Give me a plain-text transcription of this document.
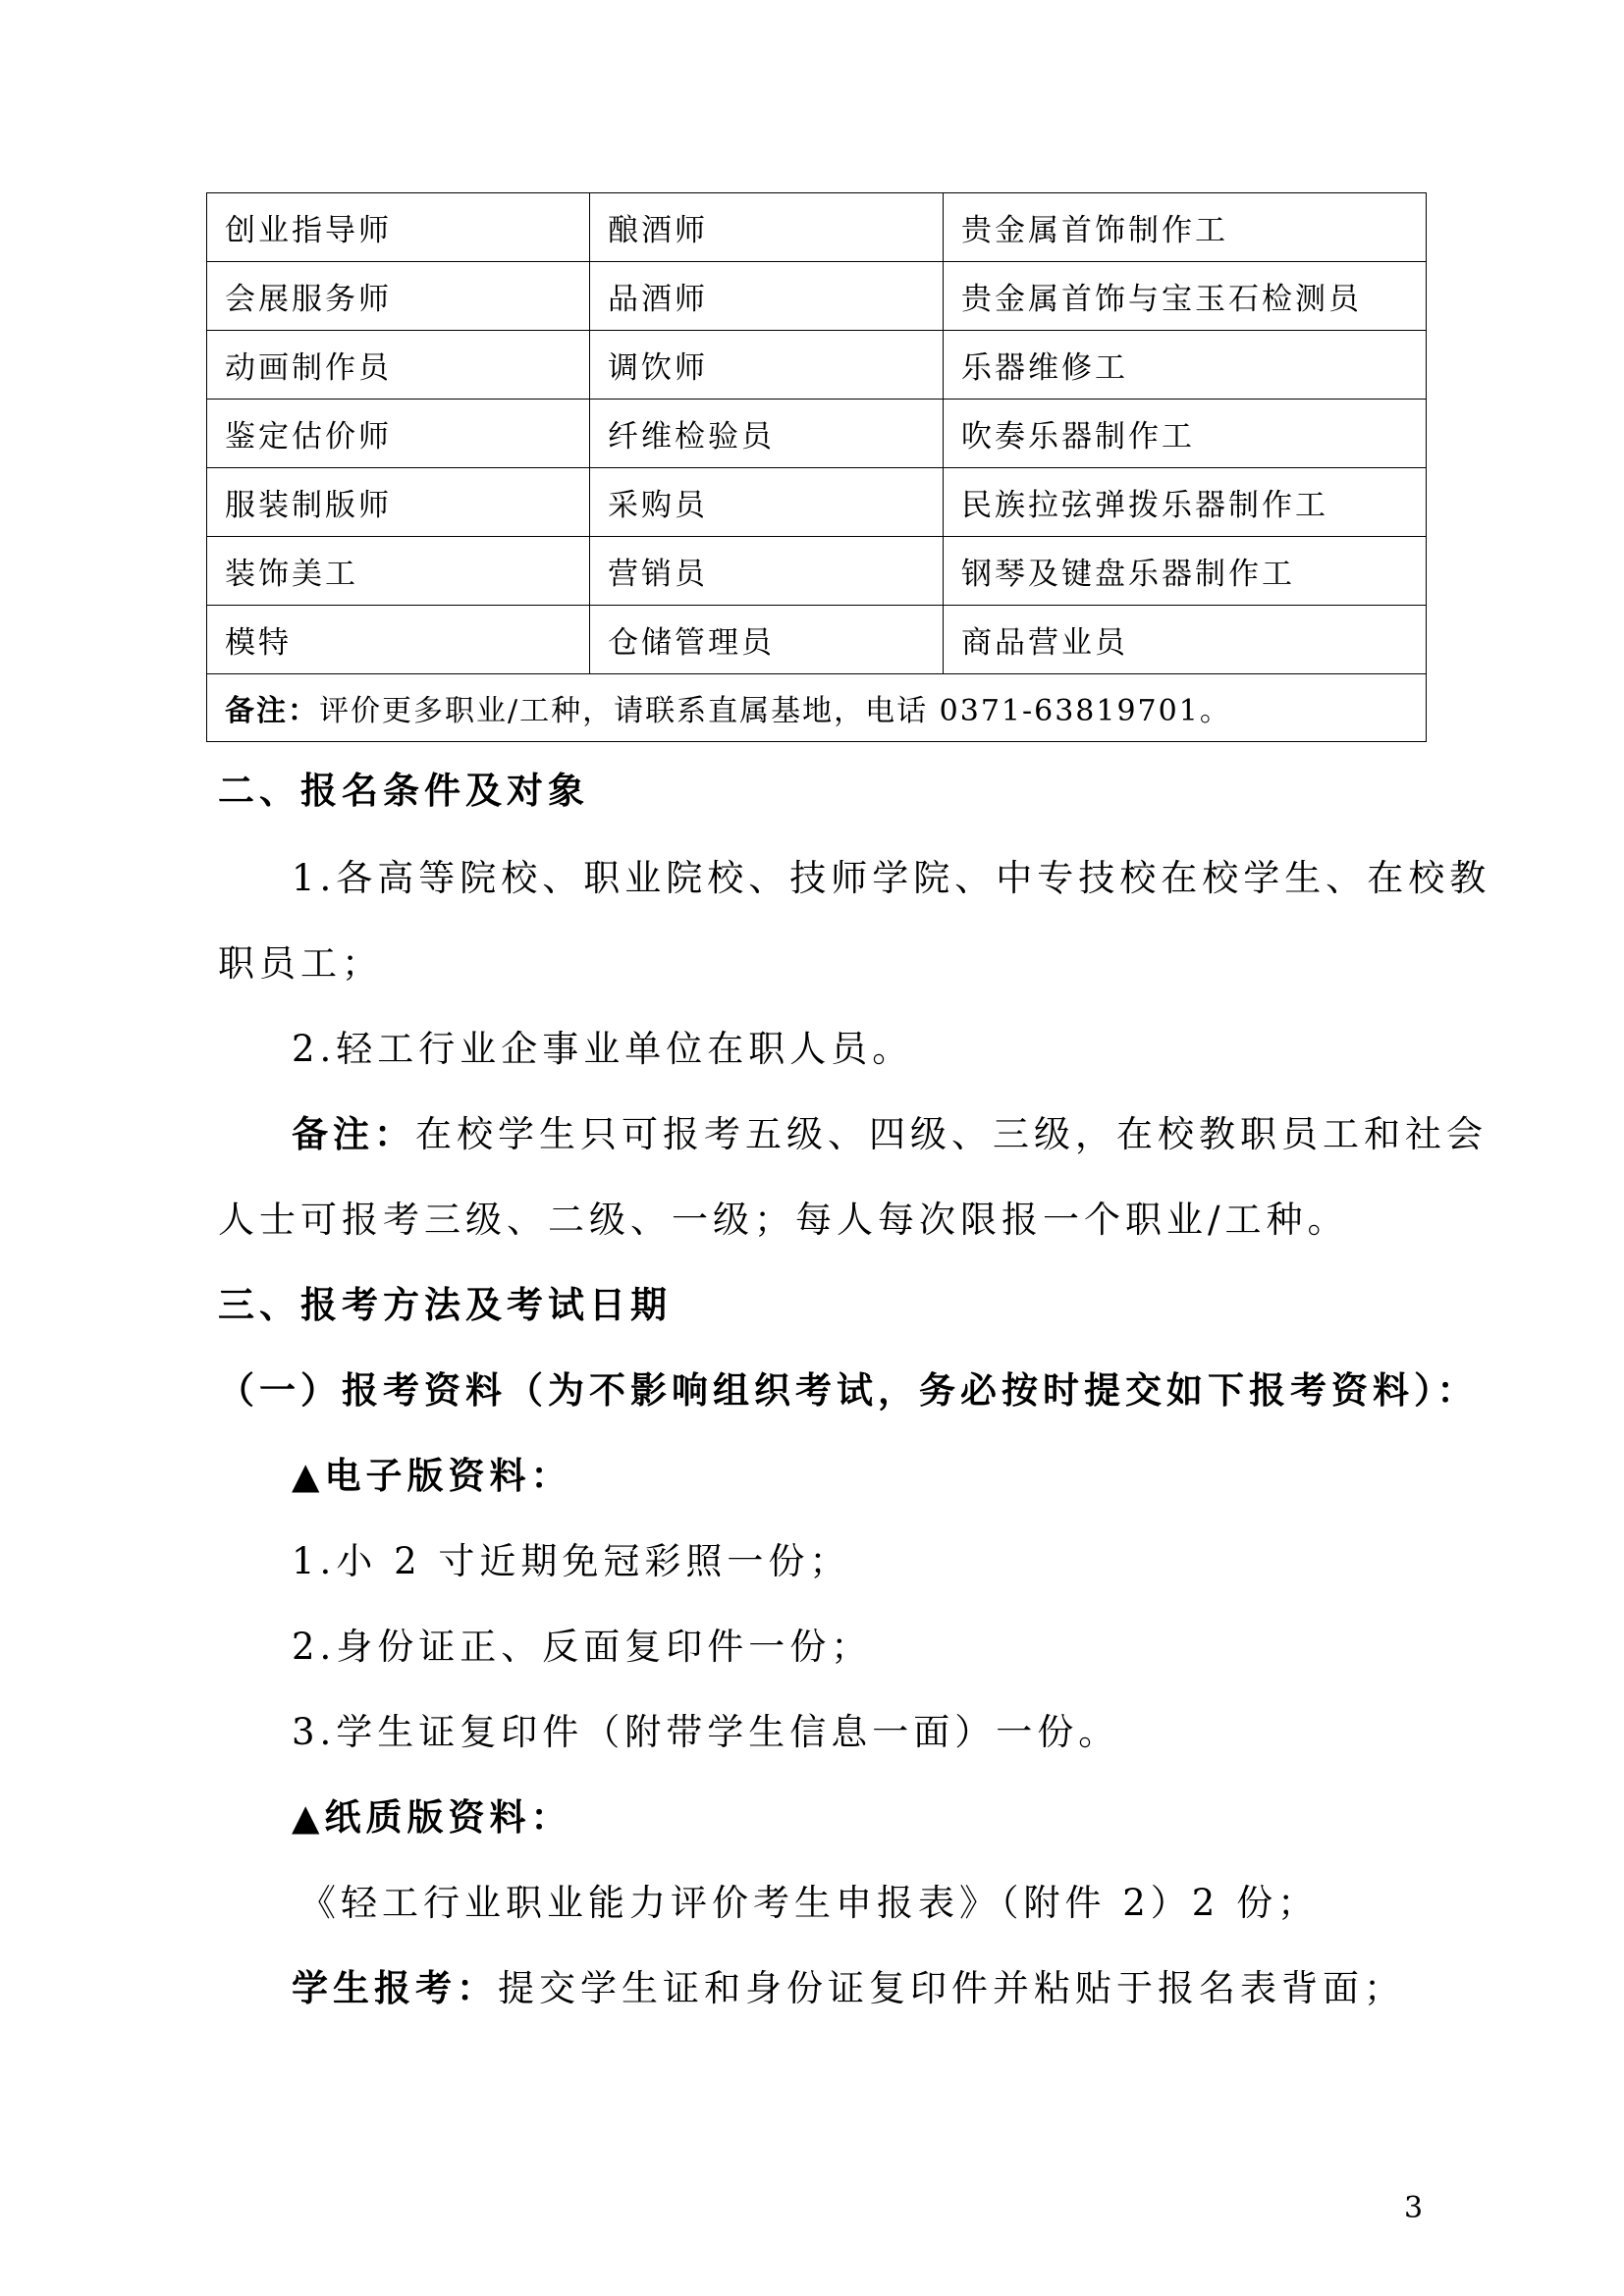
创业指导师	酿酒师	贵金属首饰制作工
会展服务师	品酒师	贵金属首饰与宝玉石检测员
动画制作员	调饮师	乐器维修工
鉴定估价师	纤维检验员	吹奏乐器制作工
服装制版师	采购员	民族拉弦弹拨乐器制作工
装饰美工	营销员	钢琴及键盘乐器制作工
模特	仓储管理员	商品营业员
备注：评价更多职业/工种，请联系直属基地，电话 0371-63819701。		
二、报名条件及对象
1.各高等院校、职业院校、技师学院、中专技校在校学生、在校教
职员工；
2.轻工行业企事业单位在职人员。
备注：在校学生只可报考五级、四级、三级，在校教职员工和社会
人士可报考三级、二级、一级；每人每次限报一个职业/工种。
三、报考方法及考试日期
（一）报考资料（为不影响组织考试，务必按时提交如下报考资料）：
▲电子版资料：
1.小 2 寸近期免冠彩照一份；
2.身份证正、反面复印件一份；
3.学生证复印件（附带学生信息一面）一份。
▲纸质版资料：
《轻工行业职业能力评价考生申报表》（附件 2）2 份；
学生报考：提交学生证和身份证复印件并粘贴于报名表背面；
3
